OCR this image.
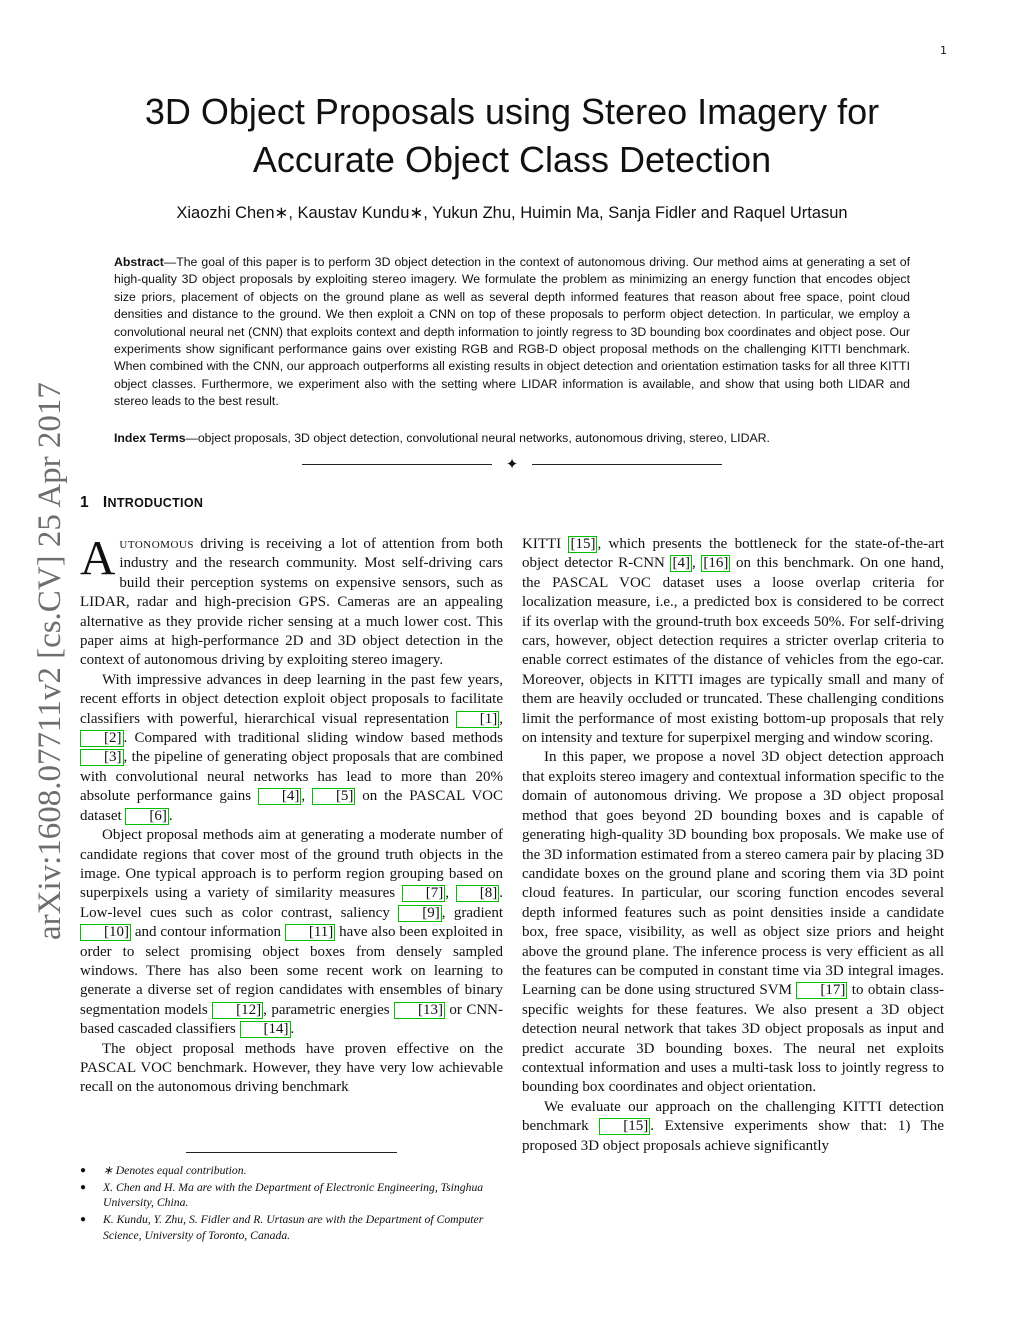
1
arXiv:1608.07711v2 [cs.CV] 25 Apr 2017
3D Object Proposals using Stereo Imagery for
Accurate Object Class Detection
Xiaozhi Chen∗, Kaustav Kundu∗, Yukun Zhu, Huimin Ma, Sanja Fidler and Raquel Urtasun

Abstract—The goal of this paper is to perform 3D object detection in the context of autonomous driving. Our method aims at generating a set of high-quality 3D object proposals by exploiting stereo imagery. We formulate the problem as minimizing an energy function that encodes object size priors, placement of objects on the ground plane as well as several depth informed features that reason about free space, point cloud densities and distance to the ground. We then exploit a CNN on top of these proposals to perform object detection. In particular, we employ a convolutional neural net (CNN) that exploits context and depth information to jointly regress to 3D bounding box coordinates and object pose. Our experiments show significant performance gains over existing RGB and RGB-D object proposal methods on the challenging KITTI benchmark. When combined with the CNN, our approach outperforms all existing results in object detection and orientation estimation tasks for all three KITTI object classes. Furthermore, we experiment also with the setting where LIDAR information is available, and show that using both LIDAR and stereo leads to the best result.

Index Terms—object proposals, 3D object detection, convolutional neural networks, autonomous driving, stereo, LIDAR.

✦
1 INTRODUCTION

Autonomous driving is receiving a lot of attention from both industry and the research community. Most self-driving cars build their perception systems on expensive sensors, such as LIDAR, radar and high-precision GPS. Cameras are an appealing alternative as they provide richer sensing at a much lower cost. This paper aims at high-performance 2D and 3D object detection in the context of autonomous driving by exploiting stereo imagery.

With impressive advances in deep learning in the past few years, recent efforts in object detection exploit object proposals to facilitate classifiers with powerful, hierarchical visual representation [1] , [2] . Compared with traditional sliding window based methods [3] , the pipeline of generating object proposals that are combined with convolutional neural networks has lead to more than 20% absolute performance gains [4] , [5] on the PASCAL VOC dataset [6] .

Object proposal methods aim at generating a moderate number of candidate regions that cover most of the ground truth objects in the image. One typical approach is to perform region grouping based on superpixels using a variety of similarity measures [7] , [8] . Low-level cues such as color contrast, saliency [9] , gradient [10] and contour information [11] have also been exploited in order to select promising object boxes from densely sampled windows. There has also been some recent work on learning to generate a diverse set of region candidates with ensembles of binary segmentation models [12] , parametric energies [13] or CNN-based cascaded classifiers [14] .

The object proposal methods have proven effective on the PASCAL VOC benchmark. However, they have very low achievable recall on the autonomous driving benchmark

● ∗ Denotes equal contribution.
● X. Chen and H. Ma are with the Department of Electronic Engineering, Tsinghua University, China.
● K. Kundu, Y. Zhu, S. Fidler and R. Urtasun are with the Department of Computer Science, University of Toronto, Canada.

KITTI [15] , which presents the bottleneck for the state-of-the-art object detector R-CNN [4] , [16] on this benchmark. On one hand, the PASCAL VOC dataset uses a loose overlap criteria for localization measure, i.e., a predicted box is considered to be correct if its overlap with the ground-truth box exceeds 50%. For self-driving cars, however, object detection requires a stricter overlap criteria to enable correct estimates of the distance of vehicles from the ego-car. Moreover, objects in KITTI images are typically small and many of them are heavily occluded or truncated. These challenging conditions limit the performance of most existing bottom-up proposals that rely on intensity and texture for superpixel merging and window scoring.

In this paper, we propose a novel 3D object detection approach that exploits stereo imagery and contextual information specific to the domain of autonomous driving. We propose a 3D object proposal method that goes beyond 2D bounding boxes and is capable of generating high-quality 3D bounding box proposals. We make use of the 3D information estimated from a stereo camera pair by placing 3D candidate boxes on the ground plane and scoring them via 3D point cloud features. In particular, our scoring function encodes several depth informed features such as point densities inside a candidate box, free space, visibility, as well as object size priors and height above the ground plane. The inference process is very efficient as all the features can be computed in constant time via 3D integral images. Learning can be done using structured SVM [17] to obtain class-specific weights for these features. We also present a 3D object detection neural network that takes 3D object proposals as input and predict accurate 3D bounding boxes. The neural net exploits contextual information and uses a multi-task loss to jointly regress to bounding box coordinates and object orientation.

We evaluate our approach on the challenging KITTI detection benchmark [15] . Extensive experiments show that: 1) The proposed 3D object proposals achieve significantly
